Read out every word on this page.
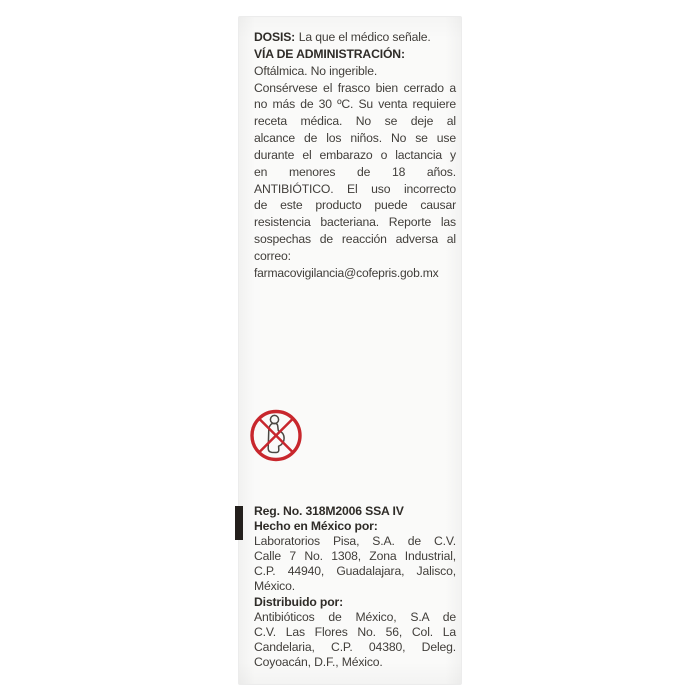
DOSIS: La que el médico señale.
VÍA DE ADMINISTRACIÓN:
Oftálmica. No ingerible.
Consérvese el frasco bien cerrado a
no más de 30 ºC. Su venta requiere
receta médica. No se deje al
alcance de los niños. No se use
durante el embarazo o lactancia y
en menores de 18 años.
ANTIBIÓTICO. El uso incorrecto
de este producto puede causar
resistencia bacteriana. Reporte las
sospechas de reacción adversa al
correo:
farmacovigilancia@cofepris.gob.mx
Reg. No. 318M2006 SSA IV
Hecho en México por:
Laboratorios Pisa, S.A. de C.V.
Calle 7 No. 1308, Zona Industrial,
C.P. 44940, Guadalajara, Jalisco,
México.
Distribuido por:
Antibióticos de México, S.A de
C.V. Las Flores No. 56, Col. La
Candelaria, C.P. 04380, Deleg.
Coyoacán, D.F., México.
